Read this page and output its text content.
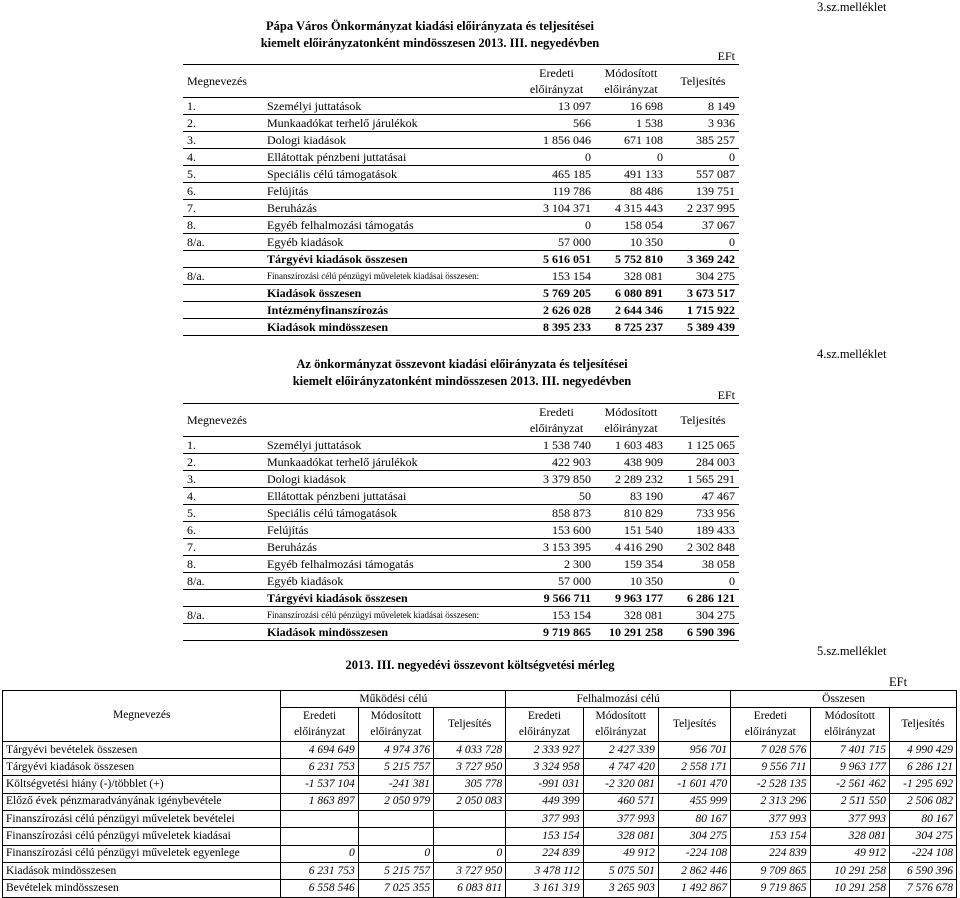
3.sz.melléklet
Pápa Város Önkormányzat kiadási előirányzata és teljesítései
kiemelt előirányzatonként mindösszesen 2013. III. negyedévben
				EFt
Megnevezés		Eredeti	Módosított	Teljesítés
		előirányzat	előirányzat	
1.	Személyi juttatások	13 097	16 698	8 149
2.	Munkaadókat terhelő járulékok	566	1 538	3 936
3.	Dologi kiadások	1 856 046	671 108	385 257
4.	Ellátottak pénzbeni juttatásai	0	0	0
5.	Speciális célú támogatások	465 185	491 133	557 087
6.	Felújítás	119 786	88 486	139 751
7.	Beruházás	3 104 371	4 315 443	2 237 995
8.	Egyéb felhalmozási támogatás	0	158 054	37 067
8/a.	Egyéb kiadások	57 000	10 350	0
	Tárgyévi kiadások összesen	5 616 051	5 752 810	3 369 242
8/a.	Finanszírozási célú pénzügyi műveletek kiadásai összesen:	153 154	328 081	304 275
	Kiadások összesen	5 769 205	6 080 891	3 673 517
	Intézményfinanszírozás	2 626 028	2 644 346	1 715 922
	Kiadások mindösszesen	8 395 233	8 725 237	5 389 439
4.sz.melléklet
Az önkormányzat összevont kiadási előirányzata és teljesítései
kiemelt előirányzatonként mindösszesen 2013. III. negyedévben
				EFt
Megnevezés		Eredeti	Módosított	Teljesítés
		előirányzat	előirányzat	
1.	Személyi juttatások	1 538 740	1 603 483	1 125 065
2.	Munkaadókat terhelő járulékok	422 903	438 909	284 003
3.	Dologi kiadások	3 379 850	2 289 232	1 565 291
4.	Ellátottak pénzbeni juttatásai	50	83 190	47 467
5.	Speciális célú támogatások	858 873	810 829	733 956
6.	Felújítás	153 600	151 540	189 433
7.	Beruházás	3 153 395	4 416 290	2 302 848
8.	Egyéb felhalmozási támogatás	2 300	159 354	38 058
8/a.	Egyéb kiadások	57 000	10 350	0
	Tárgyévi kiadások összesen	9 566 711	9 963 177	6 286 121
8/a.	Finanszírozási célú pénzügyi műveletek kiadásai összesen:	153 154	328 081	304 275
	Kiadások mindösszesen	9 719 865	10 291 258	6 590 396
5.sz.melléklet
2013. III. negyedévi összevont költségvetési mérleg
EFt
Megnevezés	Működési célú			Felhalmozási célú			Összesen		
	Eredeti	Módosított	Teljesítés	Eredeti	Módosított	Teljesítés	Eredeti	Módosított	Teljesítés
	előirányzat	előirányzat		előirányzat	előirányzat		előirányzat	előirányzat	
Tárgyévi bevételek összesen	4 694 649	4 974 376	4 033 728	2 333 927	2 427 339	956 701	7 028 576	7 401 715	4 990 429
Tárgyévi kiadások összesen	6 231 753	5 215 757	3 727 950	3 324 958	4 747 420	2 558 171	9 556 711	9 963 177	6 286 121
Költségvetési hiány (-)/többlet (+)	-1 537 104	-241 381	305 778	-991 031	-2 320 081	-1 601 470	-2 528 135	-2 561 462	-1 295 692
Előző évek pénzmaradványának igénybevétele	1 863 897	2 050 979	2 050 083	449 399	460 571	455 999	2 313 296	2 511 550	2 506 082
Finanszírozási célú pénzügyi műveletek bevételei				377 993	377 993	80 167	377 993	377 993	80 167
Finanszírozási célú pénzügyi műveletek kiadásai				153 154	328 081	304 275	153 154	328 081	304 275
Finanszírozási célú pénzügyi műveletek egyenlege	0	0	0	224 839	49 912	-224 108	224 839	49 912	-224 108
Kiadások mindösszesen	6 231 753	5 215 757	3 727 950	3 478 112	5 075 501	2 862 446	9 709 865	10 291 258	6 590 396
Bevételek mindösszesen	6 558 546	7 025 355	6 083 811	3 161 319	3 265 903	1 492 867	9 719 865	10 291 258	7 576 678
